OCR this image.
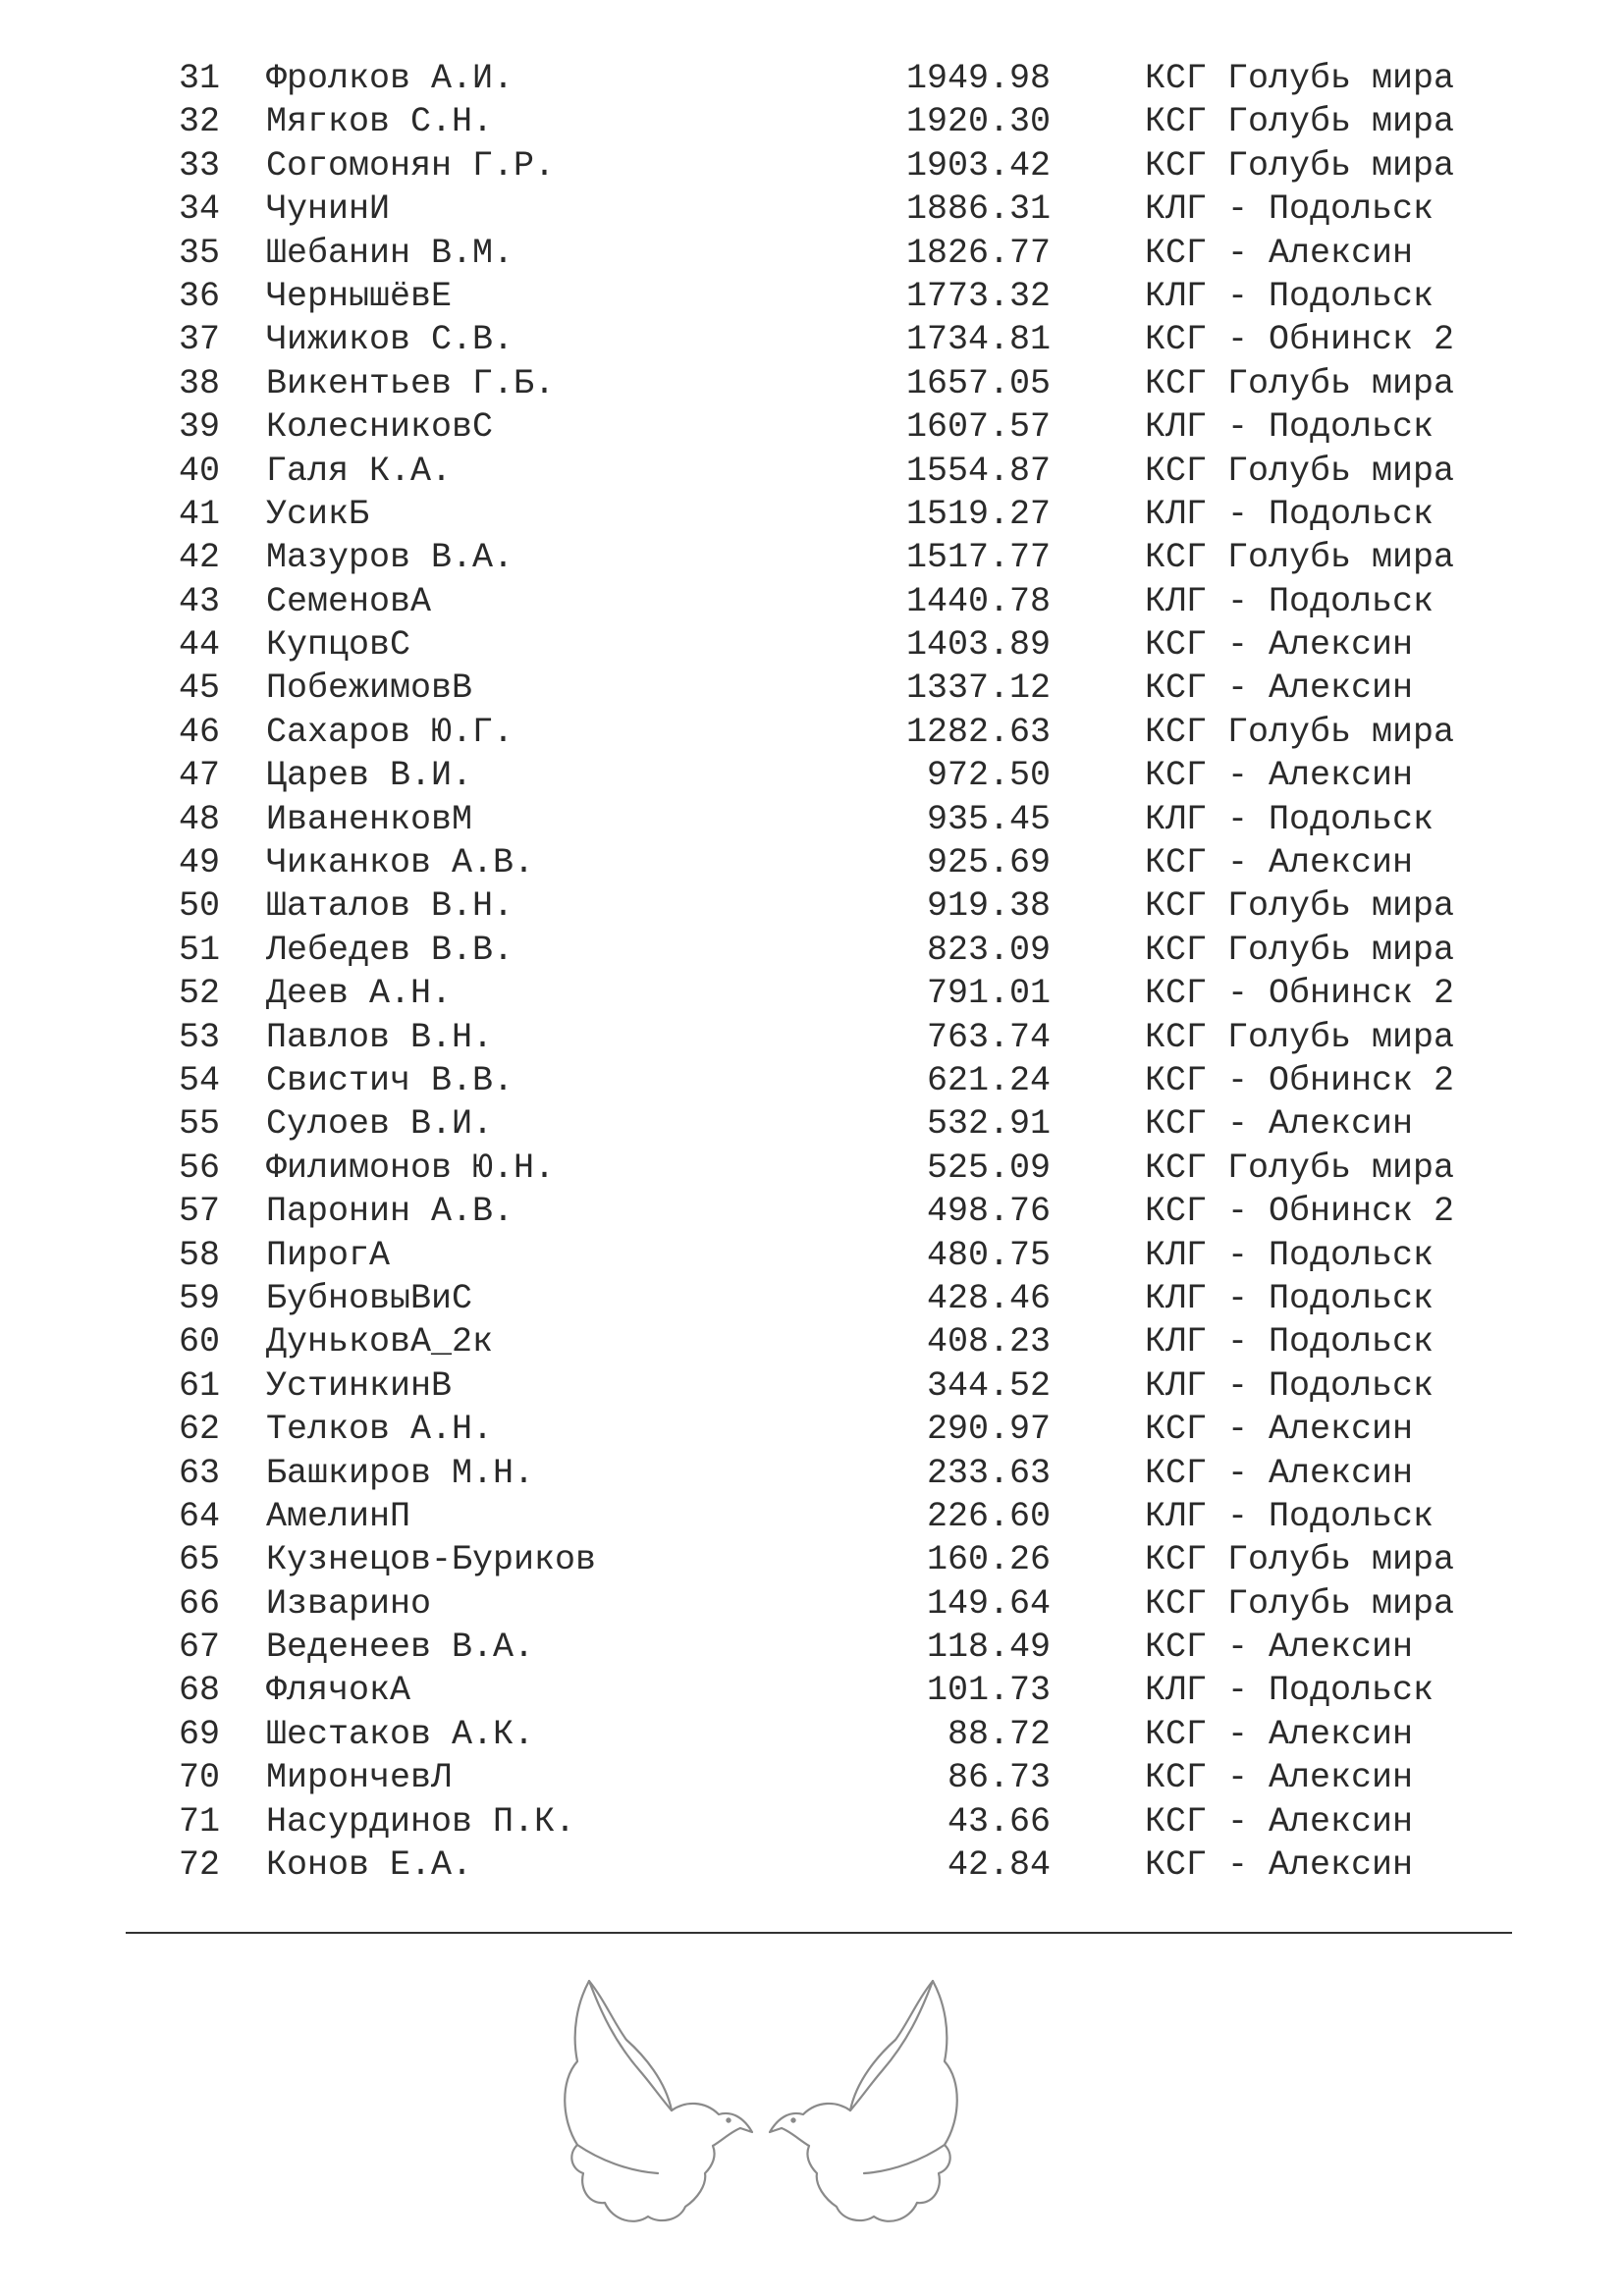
31 Фролков А.И.	1949.98	КСГ Голубь мира
32 Мягков С.Н.	1920.30	КСГ Голубь мира
33 Согомонян Г.Р.	1903.42	КСГ Голубь мира
34 ЧунинИ	1886.31	КЛГ - Подольск
35 Шебанин В.М.	1826.77	КСГ - Алексин
36 ЧернышёвЕ	1773.32	КЛГ - Подольск
37 Чижиков С.В.	1734.81	КСГ - Обнинск 2
38 Викентьев Г.Б.	1657.05	КСГ Голубь мира
39 КолесниковС	1607.57	КЛГ - Подольск
40 Галя К.А.	1554.87	КСГ Голубь мира
41 УсикБ	1519.27	КЛГ - Подольск
42 Мазуров В.А.	1517.77	КСГ Голубь мира
43 СеменовА	1440.78	КЛГ - Подольск
44 КупцовС	1403.89	КСГ - Алексин
45 ПобежимовВ	1337.12	КСГ - Алексин
46 Сахаров Ю.Г.	1282.63	КСГ Голубь мира
47 Царев В.И.	972.50	КСГ - Алексин
48 ИваненковМ	935.45	КЛГ - Подольск
49 Чиканков А.В.	925.69	КСГ - Алексин
50 Шаталов В.Н.	919.38	КСГ Голубь мира
51 Лебедев В.В.	823.09	КСГ Голубь мира
52 Деев А.Н.	791.01	КСГ - Обнинск 2
53 Павлов В.Н.	763.74	КСГ Голубь мира
54 Свистич В.В.	621.24	КСГ - Обнинск 2
55 Сулоев В.И.	532.91	КСГ - Алексин
56 Филимонов Ю.Н.	525.09	КСГ Голубь мира
57 Паронин А.В.	498.76	КСГ - Обнинск 2
58 ПирогА	480.75	КЛГ - Подольск
59 БубновыВиС	428.46	КЛГ - Подольск
60 ДуньковА_2к	408.23	КЛГ - Подольск
61 УстинкинВ	344.52	КЛГ - Подольск
62 Телков А.Н.	290.97	КСГ - Алексин
63 Башкиров М.Н.	233.63	КСГ - Алексин
64 АмелинП	226.60	КЛГ - Подольск
65 Кузнецов-Буриков	160.26	КСГ Голубь мира
66 Изварино	149.64	КСГ Голубь мира
67 Веденеев В.А.	118.49	КСГ - Алексин
68 ФлячокА	101.73	КЛГ - Подольск
69 Шестаков А.К.	88.72	КСГ - Алексин
70 МирончевЛ	86.73	КСГ - Алексин
71 Насурдинов П.К.	43.66	КСГ - Алексин
72 Конов Е.А.	42.84	КСГ - Алексин
